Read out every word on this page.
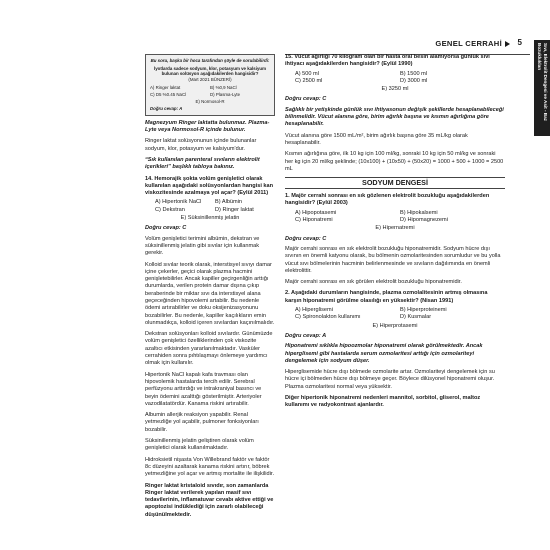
GENEL CERRAHİ 5
Sıvı, Elektrolit Dengesi ve Asit - Baz Bozuklukları
Bu soru, başka bir hoca tarafından şöyle de sorulabilirdi:
İyotlarda sadece sodyum, klor, potasyum ve kalsiyum bulunan solüsyon aşağıdakilerden hangisidir?
(Mart 2021 BÜNZERİ)
A) Ringer laktat	B) %0,9 NaCl
C) D5 %0.45 NaCl	D) Plasma-Lyte
E) Normosol-R
Doğru cevap: A

Magnezyum Ringer laktatta bulunmaz. Plazma-Lyte veya Normosol-R içinde bulunur.

Ringer laktat solüsyonunun içinde bulunanlar sodyum, klor, potasyum ve kalsiyum'dur.

“Sık kullanılan parenteral sıvıların elektrolit içerikleri” başlıklı tabloya bakınız.

14. Hemorajik şokta volüm genişletici olarak kullanılan aşağıdaki solüsyonlardan hangisi kan viskozitesinde azalmaya yol açar? (Eylül 2011)
A) Hipertonik NaCl	B) Albümin
C) Dekstran	D) Ringer laktat
E) Süksinillenmiş jelatin
Doğru cevap: C

Volüm genişletici terimini albümin, dekstran ve süksinillenmiş jelatin gibi sıvılar için kullanmak gerekir.

Kolloid sıvılar teorik olarak, interstisyel sıvıyı damar içine çekerler, geçici olarak plazma hacmini genişletebilirler. Ancak kapiller geçirgenliğin arttığı durumlarda, verilen protein damar dışına çıkıp beraberinde bir miktar sıvı da interstisyel alana geçeceğinden hipovolemi artabilir. Bu nedenle ödemi artırabilirler ve doku oksijenizasyonunu bozabilirler. Bu nedenle, kapiller kaçılıkların emin olunmadıkça, kolloid içeren sıvılardan kaçınılmalıdır.

Dekstran solüsyonları kolloid sıvılardır. Günümüzde volüm genişletici özelliklerinden çok viskozite azaltıcı etkisinden yararlanılmaktadır. Vasküler cerrahiden sonra pıhtılaşmayı önlemeye yardımcı olmak için kullanılır.

Hipertonik NaCl kapalı kafa travması olan hipovolemik hastalarda tercih edilir. Serebral perfüzyonu arttırdığı ve intrakraniyal basıncı ve beyin ödemini azalttığı gösterilmiştir. Arteriyoler vazodilatatördür. Kanama riskini artırabilir.

Albumin allerjik reaksiyon yapabilir. Renal yetmezliğe yol açabilir, pulmoner fonksiyonları bozabilir.

Süksinillenmiş jelatin geliştiren olarak volüm genişletici olarak kullanılmaktadır.

Hidroksietil nişasta Von Willebrand faktör ve faktör 8c düzeyini azaltarak kanama riskini artırır, böbrek yetmezliğine yol açar ve artmış mortalite ile ilişkilidir.

Ringer laktat kristaloid sıvıdır, son zamanlarda Ringer laktat verilerek yapılan masif sıvı tedavilerinin, inflamatuvar cevabı aktive ettiği ve apoptozisi indüklediği için zararlı olabileceği düşünülmektedir.

15. Vücut ağırlığı 70 kilogram olan bir hasta oral besin alamıyorsa günlük sıvı ihtiyacı aşağıdakilerden hangisidir? (Eylül 1990)
A) 500 ml	B) 1500 ml
C) 2500 ml	D) 3000 ml
E) 3250 ml
Doğru cevap: C

Sağlıklı bir yetişkinde günlük sıvı ihtiyasonun değişik şekillerde hesaplanabileceği bilinmelidir. Vücut alanına göre, birim ağırlık başına ve kısmın ağırlığına göre hesaplanabilir.

Vücut alanına göre 1500 mL/m², birim ağırlık başına göre 35 mL/kg olarak hesaplanabilir.

Kısmın ağırlığına göre, ilk 10 kg için 100 ml/kg, sonraki 10 kg için 50 ml/kg ve sonraki her kg için 20 ml/kg şeklinde; (10x100) + (10x50) + (50x20) = 1000 + 500 + 1000 = 2500 mL

SODYUM DENGESİ
1. Majör cerrahi sonrası en sık gözlenen elektrolit bozukluğu aşağıdakilerden hangisidir? (Eylül 2003)
A) Hipopotasemi	B) Hipokalsemi
C) Hiponatremi	D) Hipomagnezemi
E) Hipernatremi
Doğru cevap: C

Majör cerrahi sonrası en sık elektrolit bozukluğu hiponatremidir. Sodyum hücre dışı sıvının en önemli katyonu olarak, bu bölmenin ozmolaritesinden sorumludur ve bu yolla vücut sıvı bölmelerinin hacminin belirlenmesinde ve sıvıların dağılımında en önemli elektrolittir.

Majör cerrahi sonrası en sık görülen elektrolit bozukluğu hiponatremidir.

2. Aşağıdaki durumların hangisinde, plazma ozmolalitesinin artmış olmasına karşın hiponatremi görülme olasılığı en yüksektir? (Nisan 1991)
A) Hiperglisemi	B) Hiperproteinemi
C) Spironolakton kullanımı	D) Kusmalar
E) Hiperprotasemi
Doğru cevap: A

Hiponatremi sıklıkla hipoozmolar hiponatremi olarak görülmektedir. Ancak hiperglisemi gibi hastalarda serum ozmolaritesi arttığı için ozmolariteyi dengelemek için sodyum düşer.

Hiperglisemide hücre dışı bölmede ozmolarite artar. Ozmolariteyi dengelemek için su hücre içi bölmeden hücre dışı bölmeye geçer. Böylece dilüsyonel hiponatremi oluşur. Plazma ozmolaritesi normal veya yüksektir.

Diğer hipertonik hiponatremi nedenleri mannitol, sorbitol, gliserol, maltoz kullanımı ve radyokontrast ajanlardır.
